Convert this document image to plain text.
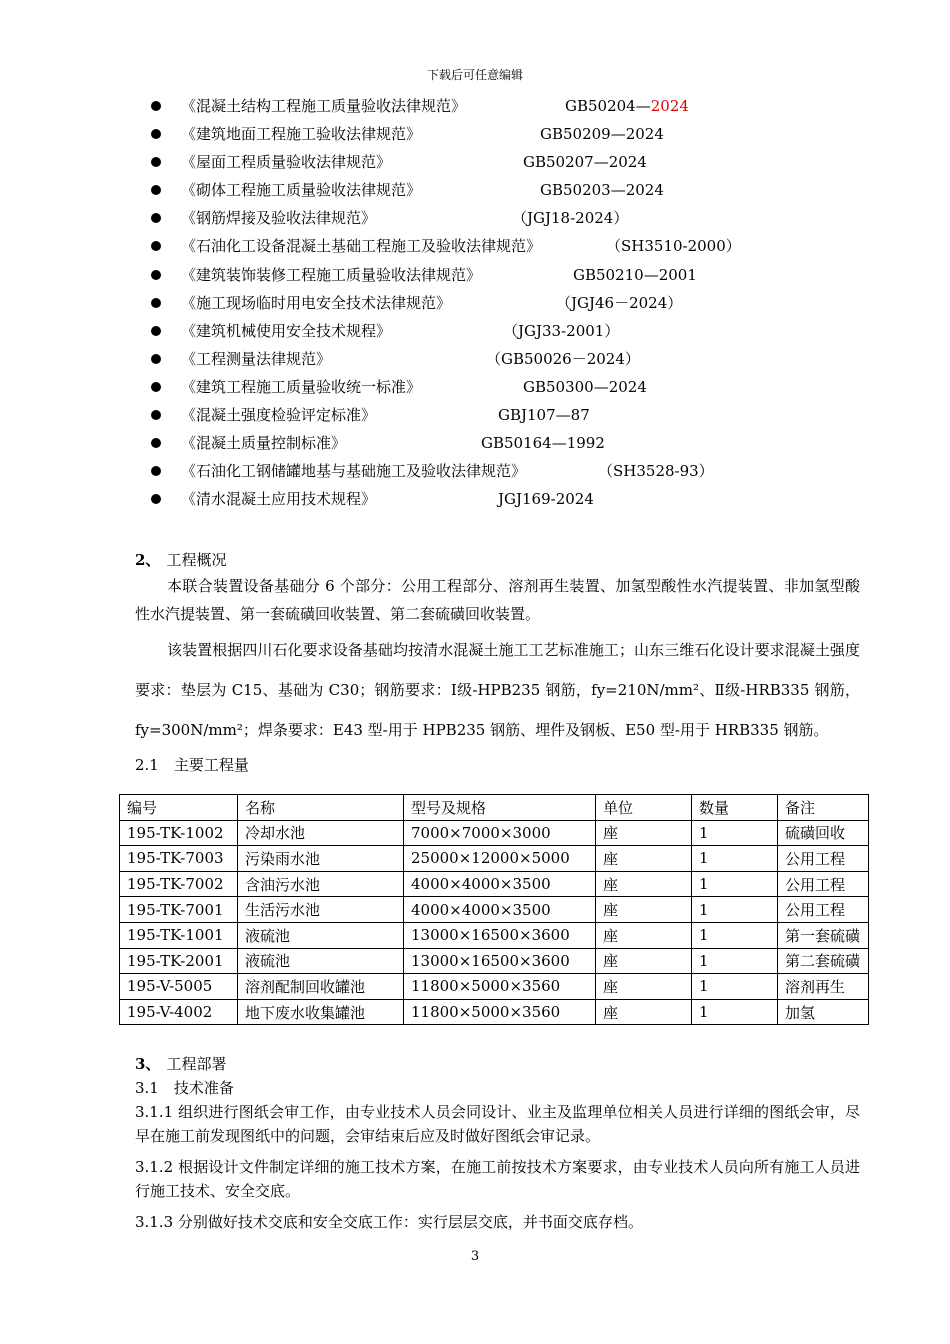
下载后可任意编辑
《混凝土结构工程施工质量验收法律规范》	GB50204—2024
《建筑地面工程施工验收法律规范》	GB50209—2024
《屋面工程质量验收法律规范》	GB50207—2024
《砌体工程施工质量验收法律规范》	GB50203—2024
《钢筋焊接及验收法律规范》	（JGJ18-2024）
《石油化工设备混凝土基础工程施工及验收法律规范》	（SH3510-2000）
《建筑装饰装修工程施工质量验收法律规范》	GB50210—2001
《施工现场临时用电安全技术法律规范》	（JGJ46－2024）
《建筑机械使用安全技术规程》	（JGJ33-2001）
《工程测量法律规范》	（GB50026－2024）
《建筑工程施工质量验收统一标准》	GB50300—2024
《混凝土强度检验评定标准》	GBJ107—87
《混凝土质量控制标准》	GB50164—1992
《石油化工钢储罐地基与基础施工及验收法律规范》	（SH3528-93）
《清水混凝土应用技术规程》	JGJ169-2024
2、 工程概况

本联合装置设备基础分 6 个部分：公用工程部分、溶剂再生装置、加氢型酸性水汽提装置、非加氢型酸性水汽提装置、第一套硫磺回收装置、第二套硫磺回收装置。

该装置根据四川石化要求设备基础均按清水混凝土施工工艺标准施工；山东三维石化设计要求混凝土强度要求：垫层为 C15、基础为 C30；钢筋要求：Ⅰ级-HPB235 钢筋，fy=210N/mm²、Ⅱ级-HRB335 钢筋，fy=300N/mm²；焊条要求：E43 型-用于 HPB235 钢筋、埋件及钢板、E50 型-用于 HRB335 钢筋。

2.1　主要工程量
编号	名称	型号及规格	单位	数量	备注
195-TK-1002	冷却水池	7000×7000×3000	座	1	硫磺回收
195-TK-7003	污染雨水池	25000×12000×5000	座	1	公用工程
195-TK-7002	含油污水池	4000×4000×3500	座	1	公用工程
195-TK-7001	生活污水池	4000×4000×3500	座	1	公用工程
195-TK-1001	液硫池	13000×16500×3600	座	1	第一套硫磺
195-TK-2001	液硫池	13000×16500×3600	座	1	第二套硫磺
195-V-5005	溶剂配制回收罐池	11800×5000×3560	座	1	溶剂再生
195-V-4002	地下废水收集罐池	11800×5000×3560	座	1	加氢
3、 工程部署
3.1　技术准备

3.1.1 组织进行图纸会审工作，由专业技术人员会同设计、业主及监理单位相关人员进行详细的图纸会审，尽早在施工前发现图纸中的问题，会审结束后应及时做好图纸会审记录。

3.1.2 根据设计文件制定详细的施工技术方案，在施工前按技术方案要求，由专业技术人员向所有施工人员进行施工技术、安全交底。

3.1.3 分别做好技术交底和安全交底工作：实行层层交底，并书面交底存档。

3
